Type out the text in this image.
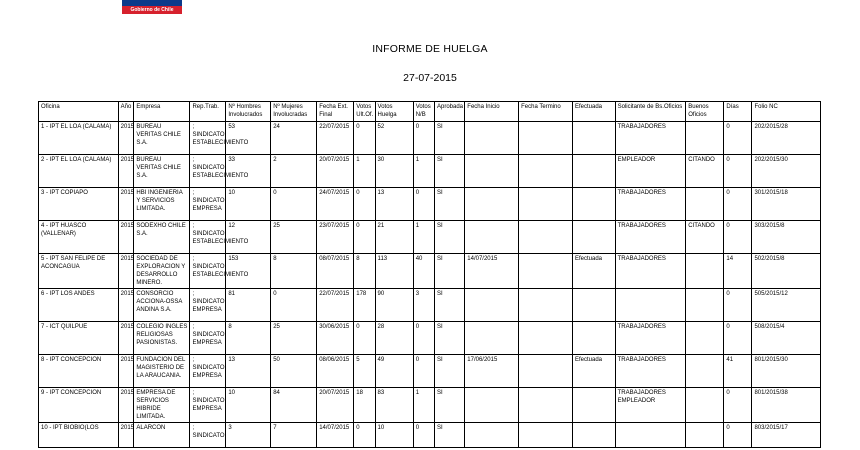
Gobierno de Chile
INFORME DE HUELGA
27-07-2015
Oficina	Año	Empresa	Rep.Trab.	Nº Hombres Involucrados	Nº Mujeres Involucradas	Fecha Ext. Final	Votos Ult.Of.	Votos Huelga	Votos N/B	Aprobada	Fecha Inicio	Fecha Termino	Efectuada	Solicitante de Bs.Oficios	Buenos Oficios	Días	Folio NC
1 - IPT EL LOA (CALAMA)	2015	BUREAU VERITAS CHILE S.A.	; SINDICATO ESTABLECIMIENTO	53	24	22/07/2015	0	52	0	SI				TRABAJADORES		0	202/2015/28
2 - IPT EL LOA (CALAMA)	2015	BUREAU VERITAS CHILE S.A.	; SINDICATO ESTABLECIMIENTO	33	2	20/07/2015	1	30	1	SI				EMPLEADOR	CITANDO	0	202/2015/30
3 - IPT COPIAPO	2015	HBI INGENIERIA Y SERVICIOS LIMITADA.	; SINDICATO EMPRESA	10	0	24/07/2015	0	13	0	SI				TRABAJADORES		0	301/2015/18
4 - IPT HUASCO (VALLENAR)	2015	SODEXHO CHILE S.A.	; SINDICATO ESTABLECIMIENTO	12	25	23/07/2015	0	21	1	SI				TRABAJADORES	CITANDO	0	303/2015/8
5 - IPT SAN FELIPE DE ACONCAGUA	2015	SOCIEDAD DE EXPLORACION Y DESARROLLO MINERO.	; SINDICATO ESTABLECIMIENTO	153	8	08/07/2015	8	113	40	SI	14/07/2015		Efectuada	TRABAJADORES		14	502/2015/8
6 - IPT LOS ANDES	2015	CONSORCIO ACCIONA-OSSA ANDINA S.A.	; SINDICATO EMPRESA	81	0	22/07/2015	178	90	3	SI						0	505/2015/12
7 - ICT QUILPUE	2015	COLEGIO INGLES RELIGIOSAS PASIONISTAS.	; SINDICATO EMPRESA	8	25	30/06/2015	0	28	0	SI				TRABAJADORES		0	508/2015/4
8 - IPT CONCEPCION	2015	FUNDACION DEL MAGISTERIO DE LA ARAUCANIA.	; SINDICATO EMPRESA	13	50	08/06/2015	5	49	0	SI	17/06/2015		Efectuada	TRABAJADORES		41	801/2015/30
9 - IPT CONCEPCION	2015	EMPRESA DE SERVICIOS HIBRIDE LIMITADA.	; SINDICATO EMPRESA	10	84	20/07/2015	18	83	1	SI				TRABAJADORES EMPLEADOR		0	801/2015/38
10 - IPT BIOBIO(LOS	2015	ALARCON	; SINDICATO	3	7	14/07/2015	0	10	0	SI						0	803/2015/17
